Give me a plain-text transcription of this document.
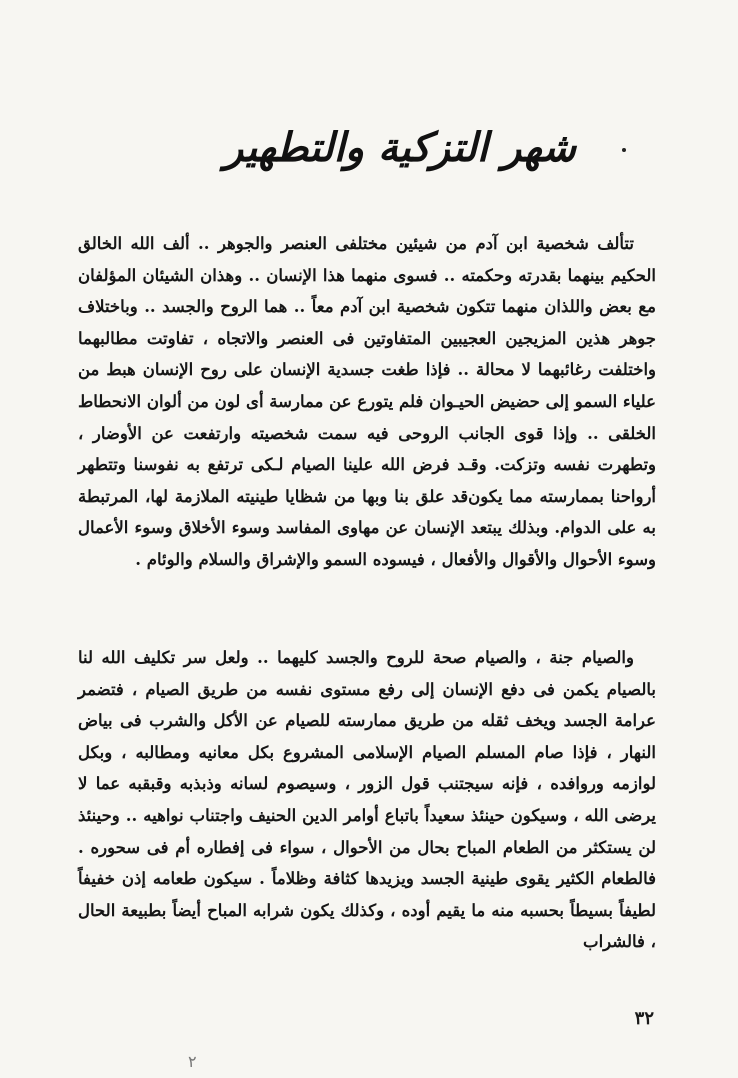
شهر التزكية والتطهير

تتألف شخصية ابن آدم من شيئين مختلفى العنصر والجوهر .. ألف الله الخالق الحكيم بينهما بقدرته وحكمته .. فسوى منهما هذا الإنسان .. وهذان الشيئان المؤلفان مع بعض واللذان منهما تتكون شخصية ابن آدم معاً .. هما الروح والجسد .. وباختلاف جوهر هذين المزيجين العجيبين المتفاوتين فى العنصر والاتجاه ، تفاوتت مطالبهما واختلفت رغائبهما لا محالة .. فإذا طغت جسدية الإنسان على روح الإنسان هبط من علياء السمو إلى حضيض الحيـوان فلم يتورع عن ممارسة أى لون من ألوان الانحطاط الخلقى .. وإذا قوى الجانب الروحى فيه سمت شخصيته وارتفعت عن الأوضار ، وتطهرت نفسه وتزكت. وقـد فرض الله علينا الصيام لـكى ترتفع به نفوسنا وتتطهر أرواحنا بممارسته مما يكون‌قد علق بنا وبها من شظايا طينيته الملازمة لها، المرتبطة به على الدوام. وبذلك يبتعد الإنسان عن مهاوى المفاسد وسوء الأخلاق وسوء الأعمال وسوء الأحوال والأقوال والأفعال ، فيسوده السمو والإشراق والسلام والوئام .

والصيام جنة ، والصيام صحة للروح والجسد كليهما .. ولعل سر تكليف الله لنا بالصيام يكمن فى دفع الإنسان إلى رفع مستوى نفسه من طريق الصيام ، فتضمر عرامة الجسد ويخف ثقله من طريق ممارسته للصيام عن الأكل والشرب فى بياض النهار ، فإذا صام المسلم الصيام الإسلامى المشروع بكل معانيه ومطالبه ، وبكل لوازمه وروافده ، فإنه سيجتنب قول الزور ، وسيصوم لسانه وذبذبه وقبقبه عما لا يرضى الله ، وسيكون حينئذ سعيداً باتباع أوامر الدين الحنيف واجتناب نواهيه .. وحينئذ لن يستكثر من الطعام المباح بحال من الأحوال ، سواء فى إفطاره أم فى سحوره . فالطعام الكثير يقوى طينية الجسد ويزيدها كثافة وظلاماً . سيكون طعامه إذن خفيفاً لطيفاً بسيطاً بحسبه منه ما يقيم أوده ، وكذلك يكون شرابه المباح أيضاً بطبيعة الحال ، فالشراب

٣٢
٢
